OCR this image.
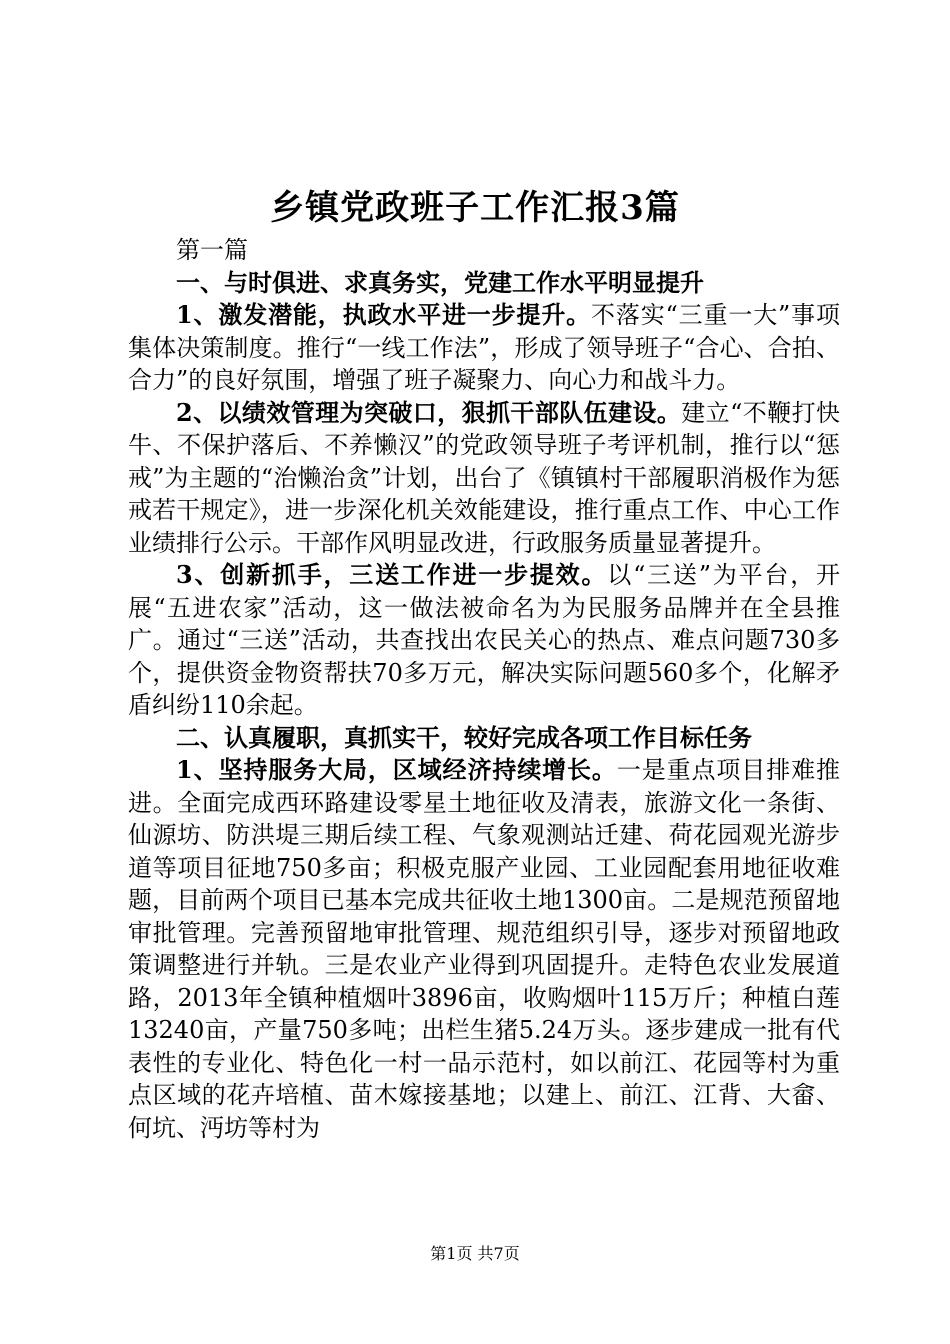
乡镇党政班子工作汇报3篇

第一篇

一、与时俱进、求真务实，党建工作水平明显提升

1、激发潜能，执政水平进一步提升。不落实“三重一大”事项集体决策制度。推行“一线工作法”，形成了领导班子“合心、合拍、合力”的良好氛围，增强了班子凝聚力、向心力和战斗力。

2、以绩效管理为突破口，狠抓干部队伍建设。建立“不鞭打快牛、不保护落后、不养懒汉”的党政领导班子考评机制，推行以“惩戒”为主题的“治懒治贪”计划，出台了《镇镇村干部履职消极作为惩戒若干规定》，进一步深化机关效能建设，推行重点工作、中心工作业绩排行公示。干部作风明显改进，行政服务质量显著提升。

3、创新抓手，三送工作进一步提效。以“三送”为平台，开展“五进农家”活动，这一做法被命名为为民服务品牌并在全县推广。通过“三送”活动，共查找出农民关心的热点、难点问题730多个，提供资金物资帮扶70多万元，解决实际问题560多个，化解矛盾纠纷110余起。

二、认真履职，真抓实干，较好完成各项工作目标任务

1、坚持服务大局，区域经济持续增长。一是重点项目排难推进。全面完成西环路建设零星土地征收及清表，旅游文化一条街、仙源坊、防洪堤三期后续工程、气象观测站迁建、荷花园观光游步道等项目征地750多亩；积极克服产业园、工业园配套用地征收难题，目前两个项目已基本完成共征收土地1300亩。二是规范预留地审批管理。完善预留地审批管理、规范组织引导，逐步对预留地政策调整进行并轨。三是农业产业得到巩固提升。走特色农业发展道路，2013年全镇种植烟叶3896亩，收购烟叶115万斤；种植白莲13240亩，产量750多吨；出栏生猪5.24万头。逐步建成一批有代表性的专业化、特色化一村一品示范村，如以前江、花园等村为重点区域的花卉培植、苗木嫁接基地；以建上、前江、江背、大畲、何坑、沔坊等村为

第1页 共7页
